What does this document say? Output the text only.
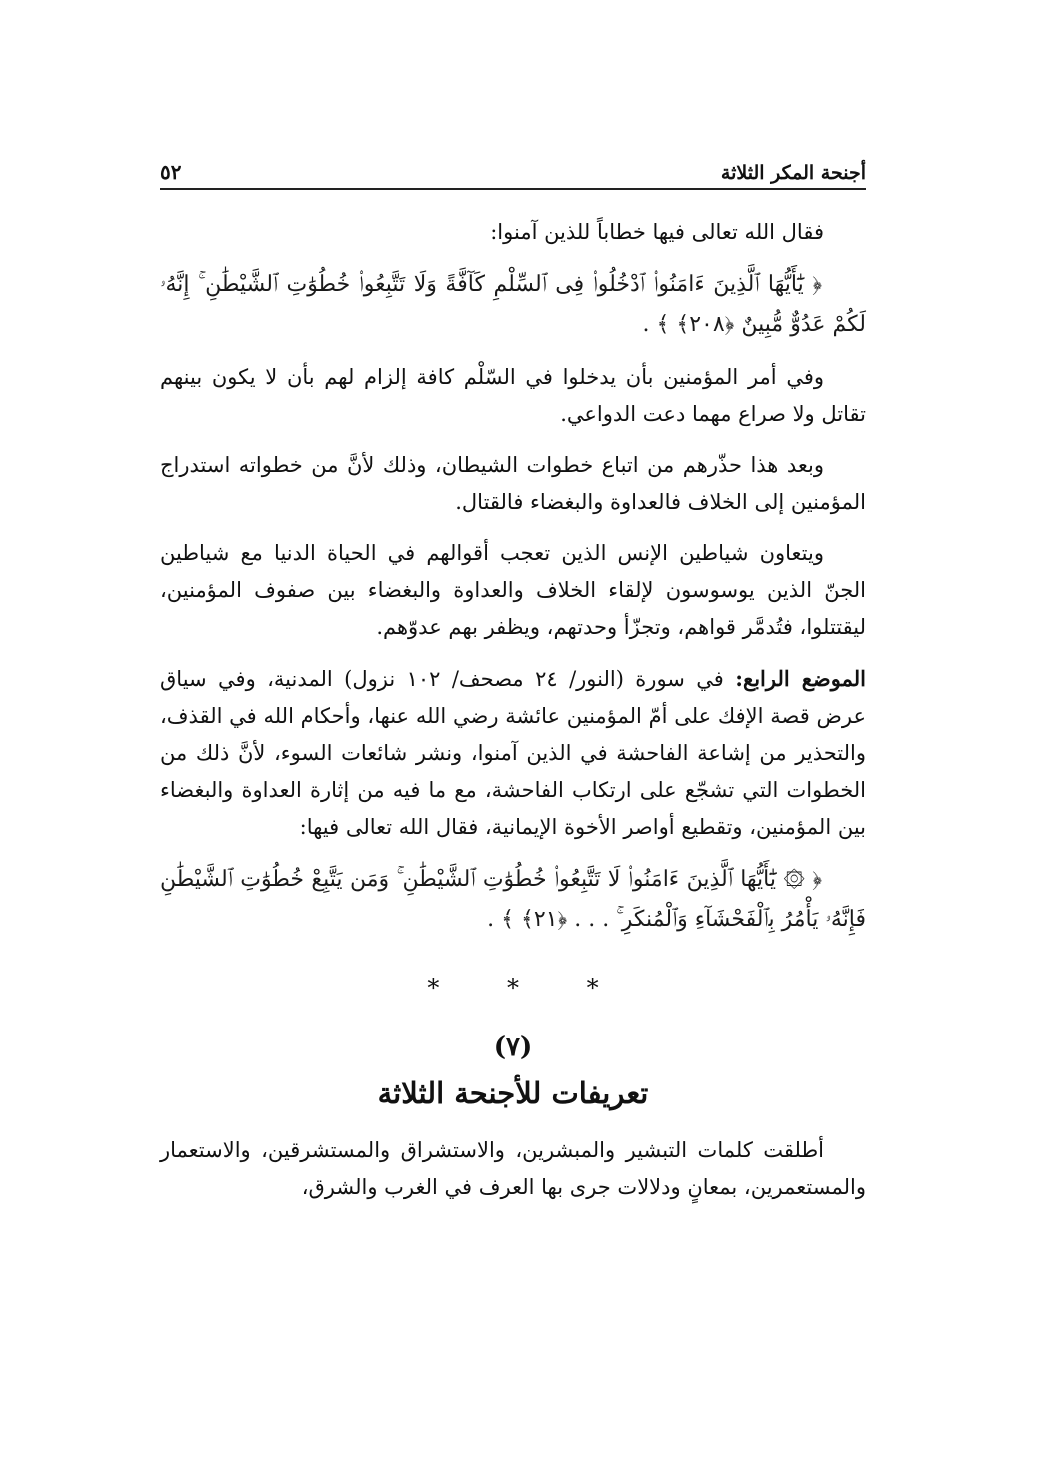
أجنحة المكر الثلاثة
٥٢

فقال الله تعالى فيها خطاباً للذين آمنوا:

﴿ يَٰٓأَيُّهَا ٱلَّذِينَ ءَامَنُوا۟ ٱدْخُلُوا۟ فِى ٱلسِّلْمِ كَآفَّةً وَلَا تَتَّبِعُوا۟ خُطُوَٰتِ ٱلشَّيْطَٰنِ ۚ إِنَّهُۥ لَكُمْ عَدُوٌّ مُّبِينٌ ﴿٢٠٨﴾ ﴾ .

وفي أمر المؤمنين بأن يدخلوا في السّلْم كافة إلزام لهم بأن لا يكون بينهم تقاتل ولا صراع مهما دعت الدواعي.

وبعد هذا حذّرهم من اتباع خطوات الشيطان، وذلك لأنَّ من خطواته استدراج المؤمنين إلى الخلاف فالعداوة والبغضاء فالقتال.

ويتعاون شياطين الإنس الذين تعجب أقوالهم في الحياة الدنيا مع شياطين الجنّ الذين يوسوسون لإلقاء الخلاف والعداوة والبغضاء بين صفوف المؤمنين، ليقتتلوا، فتُدمَّر قواهم، وتجزّأ وحدتهم، ويظفر بهم عدوّهم.

الموضع الرابع: في سورة (النور/ ٢٤ مصحف/ ١٠٢ نزول) المدنية، وفي سياق عرض قصة الإفك على أمّ المؤمنين عائشة رضي الله عنها، وأحكام الله في القذف، والتحذير من إشاعة الفاحشة في الذين آمنوا، ونشر شائعات السوء، لأنَّ ذلك من الخطوات التي تشجّع على ارتكاب الفاحشة، مع ما فيه من إثارة العداوة والبغضاء بين المؤمنين، وتقطيع أواصر الأخوة الإيمانية، فقال الله تعالى فيها:

﴿ ۞ يَٰٓأَيُّهَا ٱلَّذِينَ ءَامَنُوا۟ لَا تَتَّبِعُوا۟ خُطُوَٰتِ ٱلشَّيْطَٰنِ ۚ وَمَن يَتَّبِعْ خُطُوَٰتِ ٱلشَّيْطَٰنِ فَإِنَّهُۥ يَأْمُرُ بِٱلْفَحْشَآءِ وَٱلْمُنكَرِ ۚ . . . ﴿٢١﴾ ﴾ .

* * *
(٧)
تعريفات للأجنحة الثلاثة

أطلقت كلمات التبشير والمبشرين، والاستشراق والمستشرقين، والاستعمار والمستعمرين، بمعانٍ ودلالات جرى بها العرف في الغرب والشرق،
